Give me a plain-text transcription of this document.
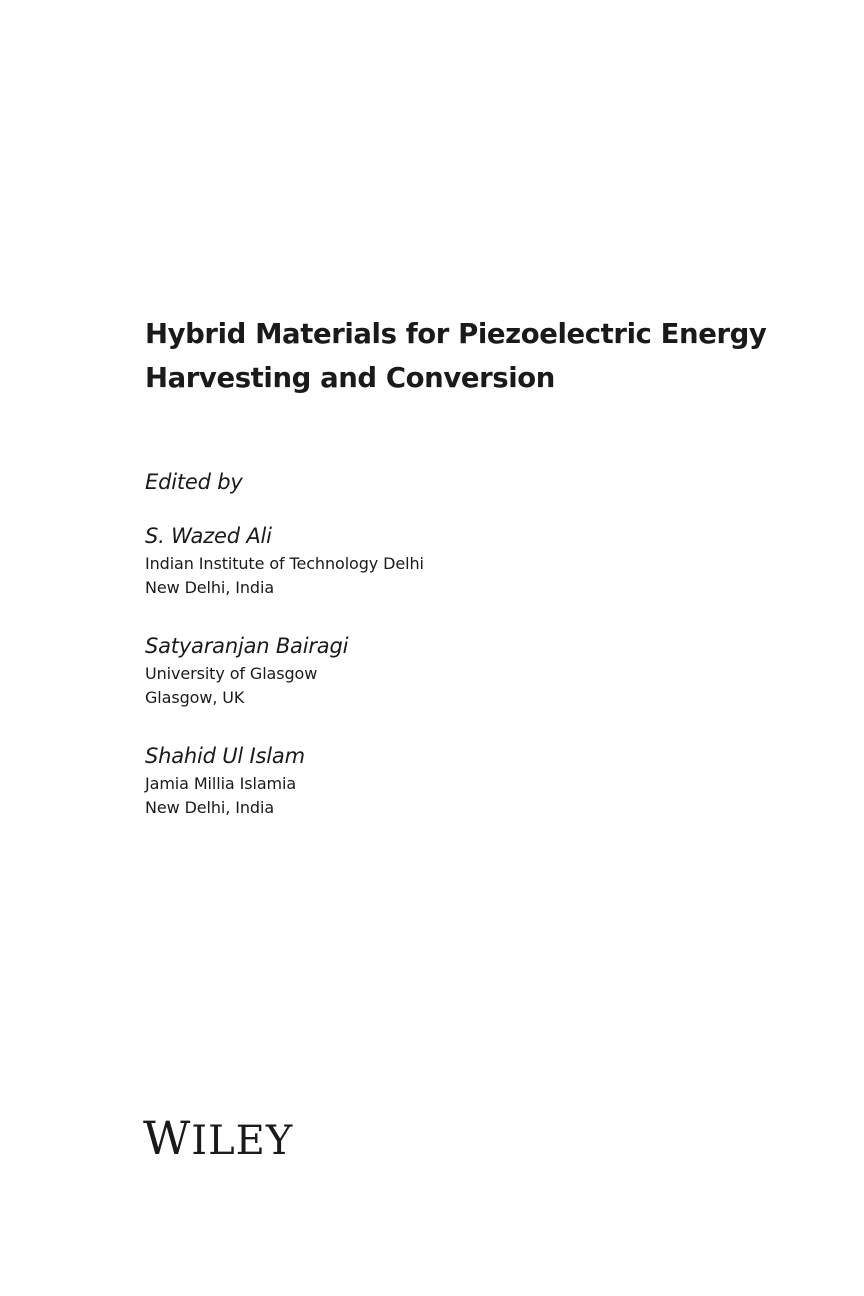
Hybrid Materials for Piezoelectric Energy
Harvesting and Conversion
Edited by
S. Wazed Ali
Indian Institute of Technology Delhi
New Delhi, India
Satyaranjan Bairagi
University of Glasgow
Glasgow, UK
Shahid Ul Islam
Jamia Millia Islamia
New Delhi, India
WILEY
